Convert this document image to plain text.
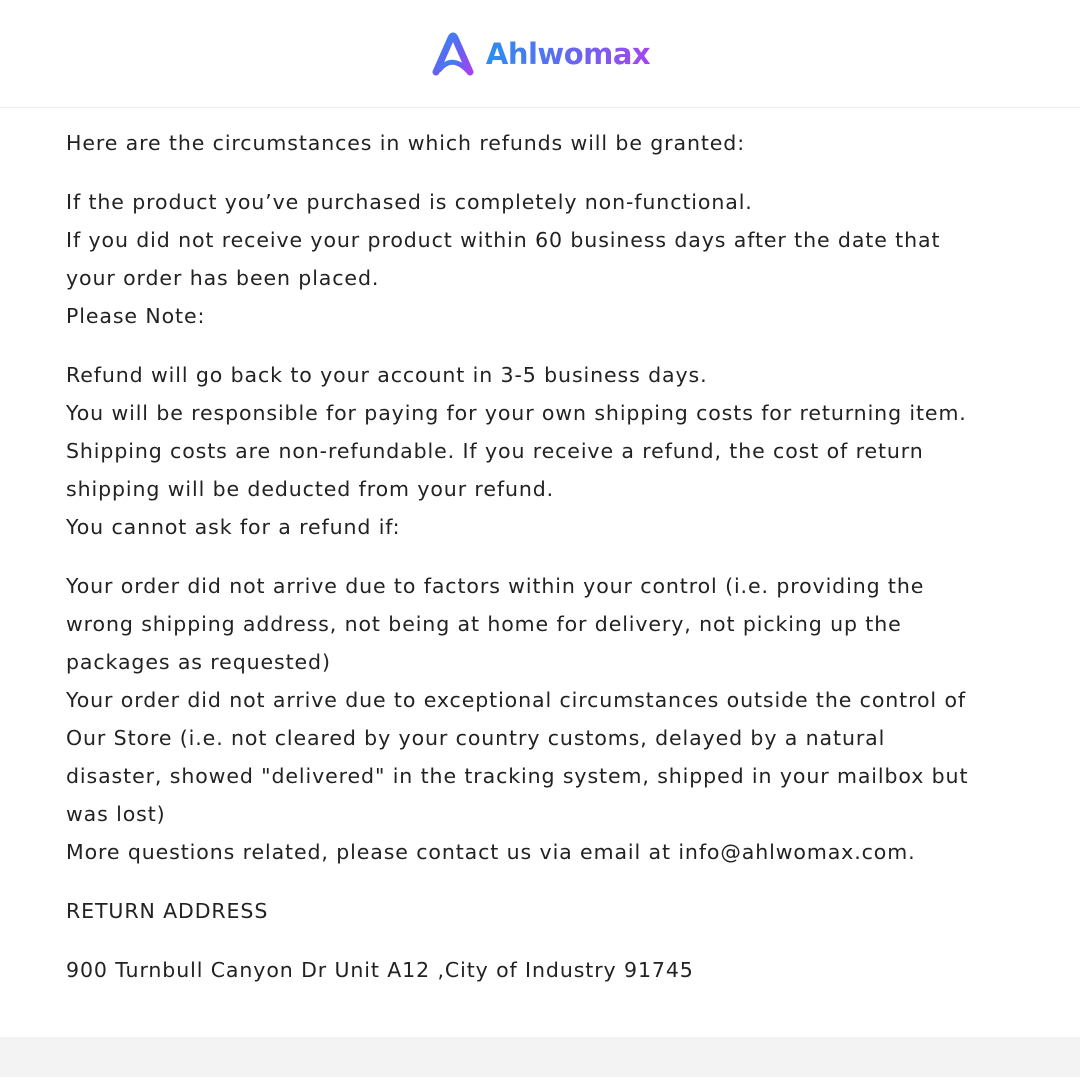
Ahlwomax

Here are the circumstances in which refunds will be granted:

If the product you’ve purchased is completely non-functional.

If you did not receive your product within 60 business days after the date that

your order has been placed.

Please Note:

Refund will go back to your account in 3-5 business days.

You will be responsible for paying for your own shipping costs for returning item.

Shipping costs are non-refundable. If you receive a refund, the cost of return

shipping will be deducted from your refund.

You cannot ask for a refund if:

Your order did not arrive due to factors within your control (i.e. providing the

wrong shipping address, not being at home for delivery, not picking up the

packages as requested)

Your order did not arrive due to exceptional circumstances outside the control of

Our Store (i.e. not cleared by your country customs, delayed by a natural

disaster, showed "delivered" in the tracking system, shipped in your mailbox but

was lost)

More questions related, please contact us via email at info@ahlwomax.com.

RETURN ADDRESS

900 Turnbull Canyon Dr Unit A12 ,City of Industry 91745
